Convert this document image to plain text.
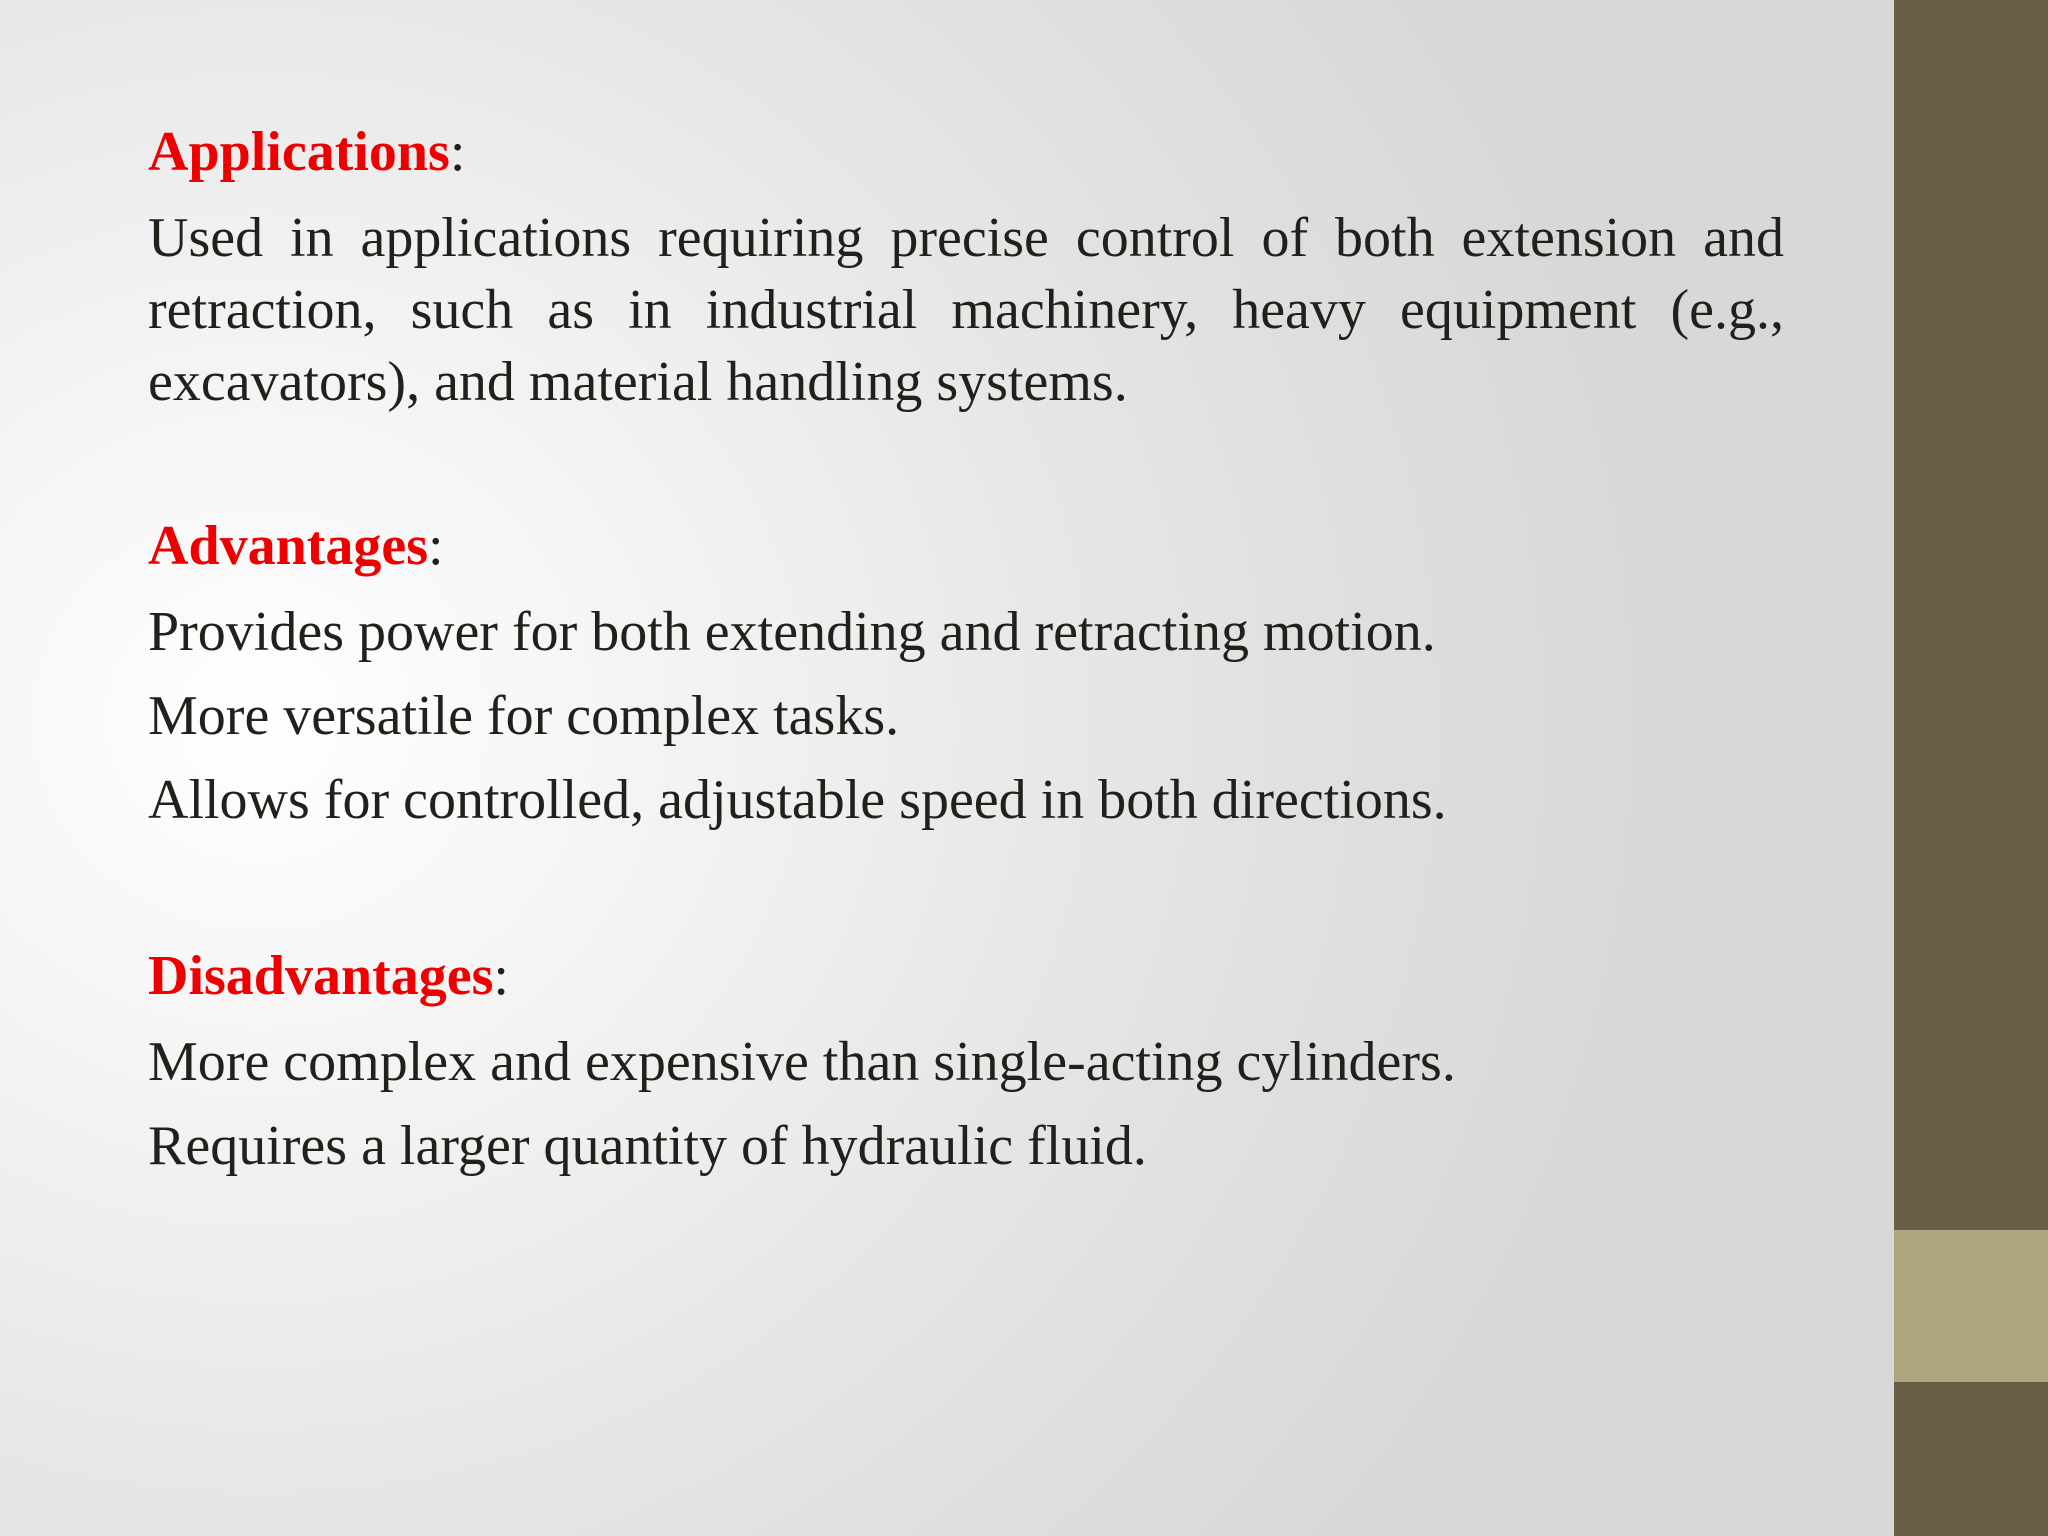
Applications:

Used in applications requiring precise control of both extension and retraction, such as in industrial machinery, heavy equipment (e.g., excavators), and material handling systems.

Advantages:

Provides power for both extending and retracting motion.

More versatile for complex tasks.

Allows for controlled, adjustable speed in both directions.

Disadvantages:

More complex and expensive than single-acting cylinders.

Requires a larger quantity of hydraulic fluid.
